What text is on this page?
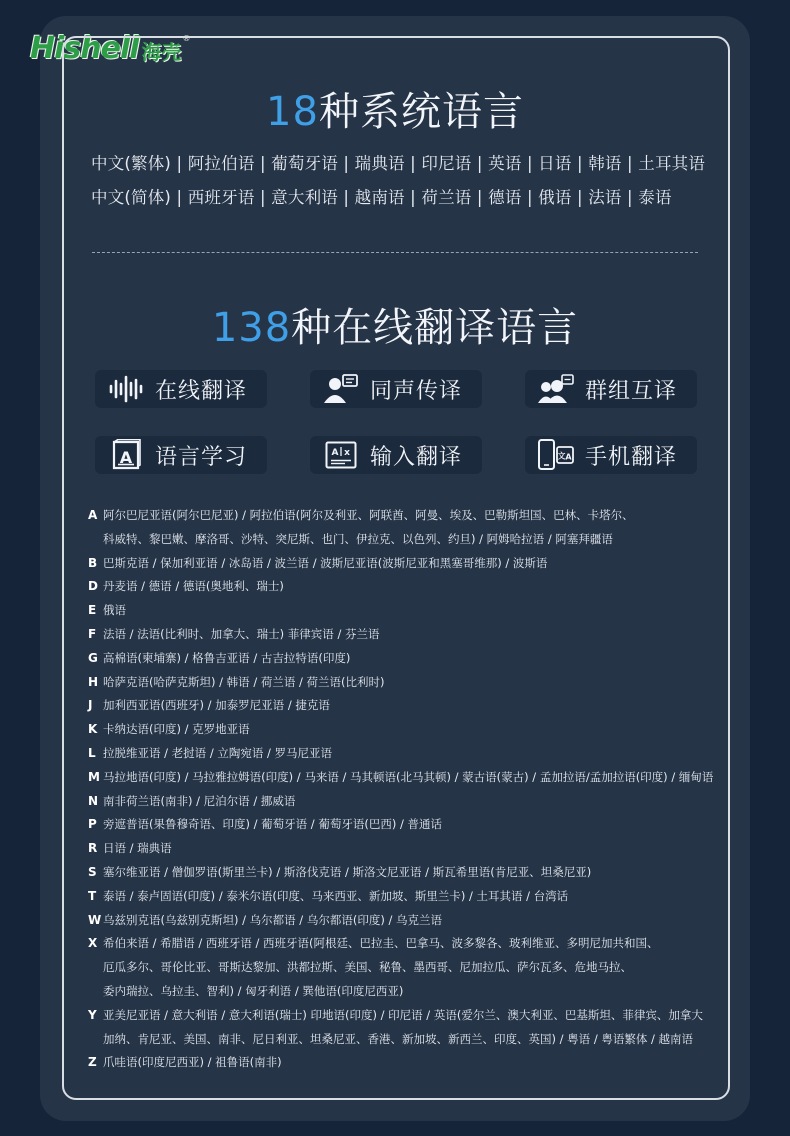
Hishell 海壳
®
18种系统语言
中文(繁体) | 阿拉伯语 | 葡萄牙语 | 瑞典语 | 印尼语 | 英语 | 日语 | 韩语 | 土耳其语
中文(简体) | 西班牙语 | 意大利语 | 越南语 | 荷兰语 | 德语 | 俄语 | 法语 | 泰语
138种在线翻译语言
在线翻译	同声传译	群组互译
A 语言学习	A x 输入翻译	文 A 手机翻译
A 阿尔巴尼亚语(阿尔巴尼亚) / 阿拉伯语(阿尔及利亚、阿联酋、阿曼、埃及、巴勒斯坦国、巴林、卡塔尔、
科威特、黎巴嫩、摩洛哥、沙特、突尼斯、也门、伊拉克、以色列、约旦) / 阿姆哈拉语 / 阿塞拜疆语
B 巴斯克语 / 保加利亚语 / 冰岛语 / 波兰语 / 波斯尼亚语(波斯尼亚和黑塞哥维那) / 波斯语
D 丹麦语 / 德语 / 德语(奥地利、瑞士)
E 俄语
F 法语 / 法语(比利时、加拿大、瑞士) 菲律宾语 / 芬兰语
G 高棉语(柬埔寨) / 格鲁吉亚语 / 古吉拉特语(印度)
H 哈萨克语(哈萨克斯坦) / 韩语 / 荷兰语 / 荷兰语(比利时)
J 加利西亚语(西班牙) / 加泰罗尼亚语 / 捷克语
K 卡纳达语(印度) / 克罗地亚语
L 拉脱维亚语 / 老挝语 / 立陶宛语 / 罗马尼亚语
M 马拉地语(印度) / 马拉雅拉姆语(印度) / 马来语 / 马其顿语(北马其顿) / 蒙古语(蒙古) / 孟加拉语/孟加拉语(印度) / 缅甸语
N 南非荷兰语(南非) / 尼泊尔语 / 挪威语
P 旁遮普语(果鲁穆奇语、印度) / 葡萄牙语 / 葡萄牙语(巴西) / 普通话
R 日语 / 瑞典语
S 塞尔维亚语 / 僧伽罗语(斯里兰卡) / 斯洛伐克语 / 斯洛文尼亚语 / 斯瓦希里语(肯尼亚、坦桑尼亚)
T 泰语 / 泰卢固语(印度) / 泰米尔语(印度、马来西亚、新加坡、斯里兰卡) / 土耳其语 / 台湾话
W 乌兹别克语(乌兹别克斯坦) / 乌尔都语 / 乌尔都语(印度) / 乌克兰语
X 希伯来语 / 希腊语 / 西班牙语 / 西班牙语(阿根廷、巴拉圭、巴拿马、波多黎各、玻利维亚、多明尼加共和国、
厄瓜多尔、哥伦比亚、哥斯达黎加、洪都拉斯、美国、秘鲁、墨西哥、尼加拉瓜、萨尔瓦多、危地马拉、
委内瑞拉、乌拉圭、智利) / 匈牙利语 / 巽他语(印度尼西亚)
Y 亚美尼亚语 / 意大利语 / 意大利语(瑞士) 印地语(印度) / 印尼语 / 英语(爱尔兰、澳大利亚、巴基斯坦、菲律宾、加拿大
加纳、肯尼亚、美国、南非、尼日利亚、坦桑尼亚、香港、新加坡、新西兰、印度、英国) / 粤语 / 粤语繁体 / 越南语
Z 爪哇语(印度尼西亚) / 祖鲁语(南非)
